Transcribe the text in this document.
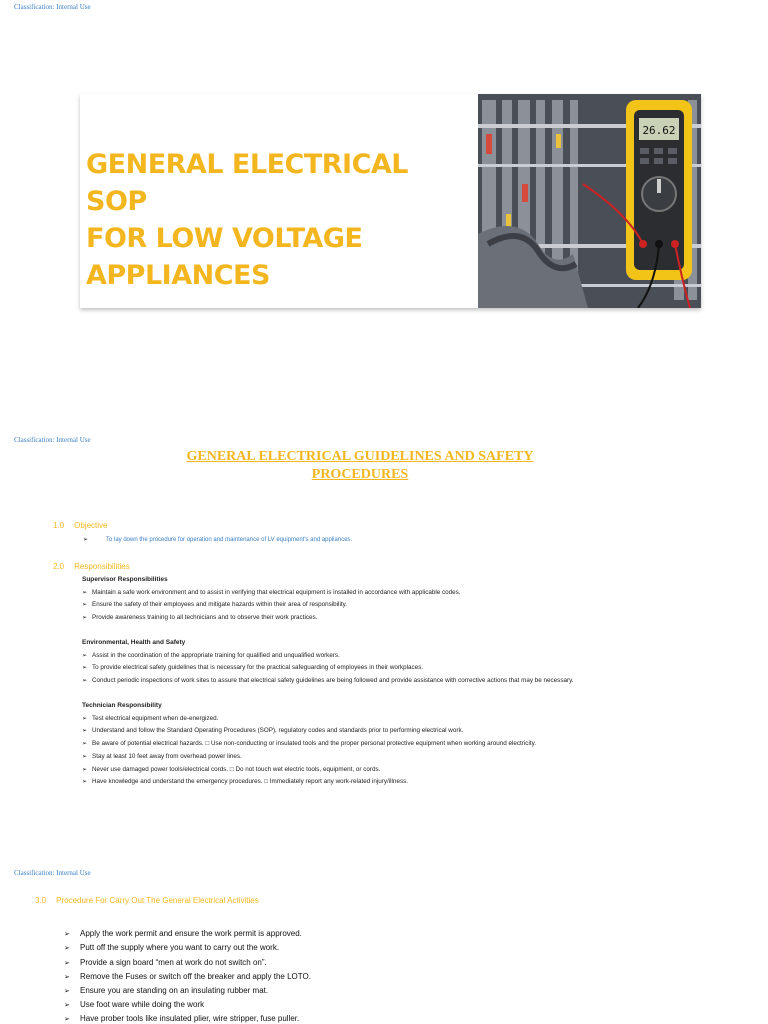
Classification: Internal Use
GENERAL ELECTRICAL SOP
FOR LOW VOLTAGE
APPLIANCES
26.62
Classification: Internal Use
GENERAL ELECTRICAL GUIDELINES AND SAFETY
PROCEDURES
1.0 Objective
➢	To lay down the procedure for operation and maintenance of LV equipment's and appliances.
2.0 Responsibilities
Supervisor Responsibilities
➢ Maintain a safe work environment and to assist in verifying that electrical equipment is installed in accordance with applicable codes.
➢ Ensure the safety of their employees and mitigate hazards within their area of responsibility.
➢ Provide awareness training to all technicians and to observe their work practices.
Environmental, Health and Safety
➢ Assist in the coordination of the appropriate training for qualified and unqualified workers.
➢ To provide electrical safety guidelines that is necessary for the practical safeguarding of employees in their workplaces.
➢ Conduct periodic inspections of work sites to assure that electrical safety guidelines are being followed and provide assistance with corrective actions that may be necessary.
Technician Responsibility
➢ Test electrical equipment when de-energized.
➢ Understand and follow the Standard Operating Procedures (SOP), regulatory codes and standards prior to performing electrical work.
➢ Be aware of potential electrical hazards. □ Use non-conducting or insulated tools and the proper personal protective equipment when working around electricity.
➢ Stay at least 10 feet away from overhead power lines.
➢ Never use damaged power tools/electrical cords. □ Do not touch wet electric tools, equipment, or cords.
➢ Have knowledge and understand the emergency procedures. □ Immediately report any work-related injury/illness.
Classification: Internal Use
3.0 Procedure For Carry Out The General Electrical Activities
➢ Apply the work permit and ensure the work permit is approved.
➢ Putt off the supply where you want to carry out the work.
➢ Provide a sign board “men at work do not switch on”.
➢ Remove the Fuses or switch off the breaker and apply the LOTO.
➢ Ensure you are standing on an insulating rubber mat.
➢ Use foot ware while doing the work
➢ Have prober tools like insulated plier, wire stripper, fuse puller.
